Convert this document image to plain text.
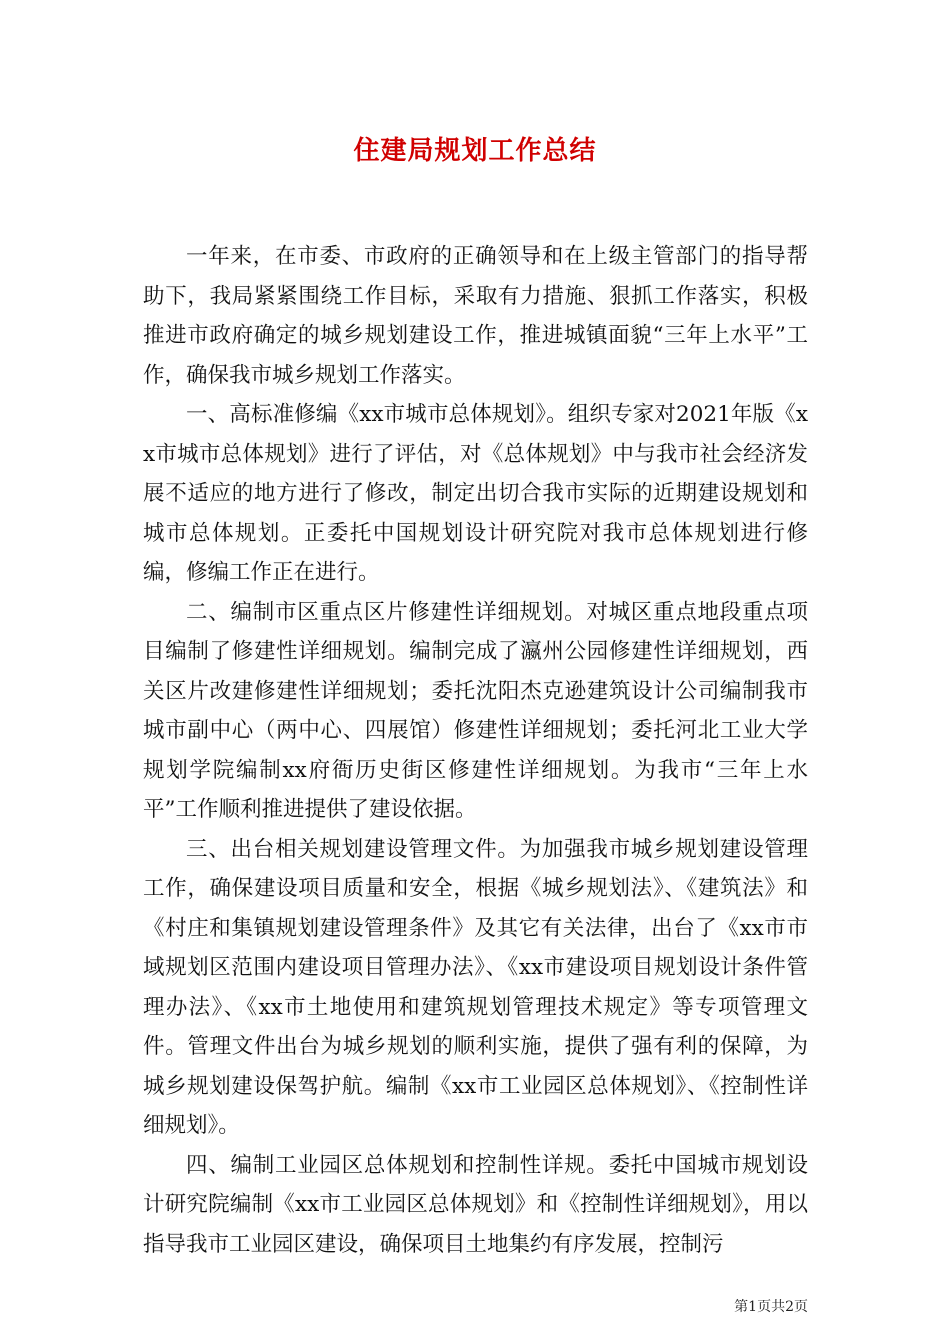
住建局规划工作总结

一年来，在市委、市政府的正确领导和在上级主管部门的指导帮助下，我局紧紧围绕工作目标，采取有力措施、狠抓工作落实，积极推进市政府确定的城乡规划建设工作，推进城镇面貌“三年上水平”工作，确保我市城乡规划工作落实。

一、高标准修编《xx市城市总体规划》。组织专家对2021年版《xx市城市总体规划》进行了评估，对《总体规划》中与我市社会经济发展不适应的地方进行了修改，制定出切合我市实际的近期建设规划和城市总体规划。正委托中国规划设计研究院对我市总体规划进行修编，修编工作正在进行。

二、编制市区重点区片修建性详细规划。对城区重点地段重点项目编制了修建性详细规划。编制完成了瀛州公园修建性详细规划，西关区片改建修建性详细规划；委托沈阳杰克逊建筑设计公司编制我市城市副中心（两中心、四展馆）修建性详细规划；委托河北工业大学规划学院编制xx府衙历史街区修建性详细规划。为我市“三年上水平”工作顺利推进提供了建设依据。

三、出台相关规划建设管理文件。为加强我市城乡规划建设管理工作，确保建设项目质量和安全，根据《城乡规划法》、《建筑法》和《村庄和集镇规划建设管理条件》及其它有关法律，出台了《xx市市域规划区范围内建设项目管理办法》、《xx市建设项目规划设计条件管理办法》、《xx市土地使用和建筑规划管理技术规定》等专项管理文件。管理文件出台为城乡规划的顺利实施，提供了强有利的保障，为城乡规划建设保驾护航。编制《xx市工业园区总体规划》、《控制性详细规划》。

四、编制工业园区总体规划和控制性详规。委托中国城市规划设计研究院编制《xx市工业园区总体规划》和《控制性详细规划》，用以指导我市工业园区建设，确保项目土地集约有序发展，控制污

第1页共2页
